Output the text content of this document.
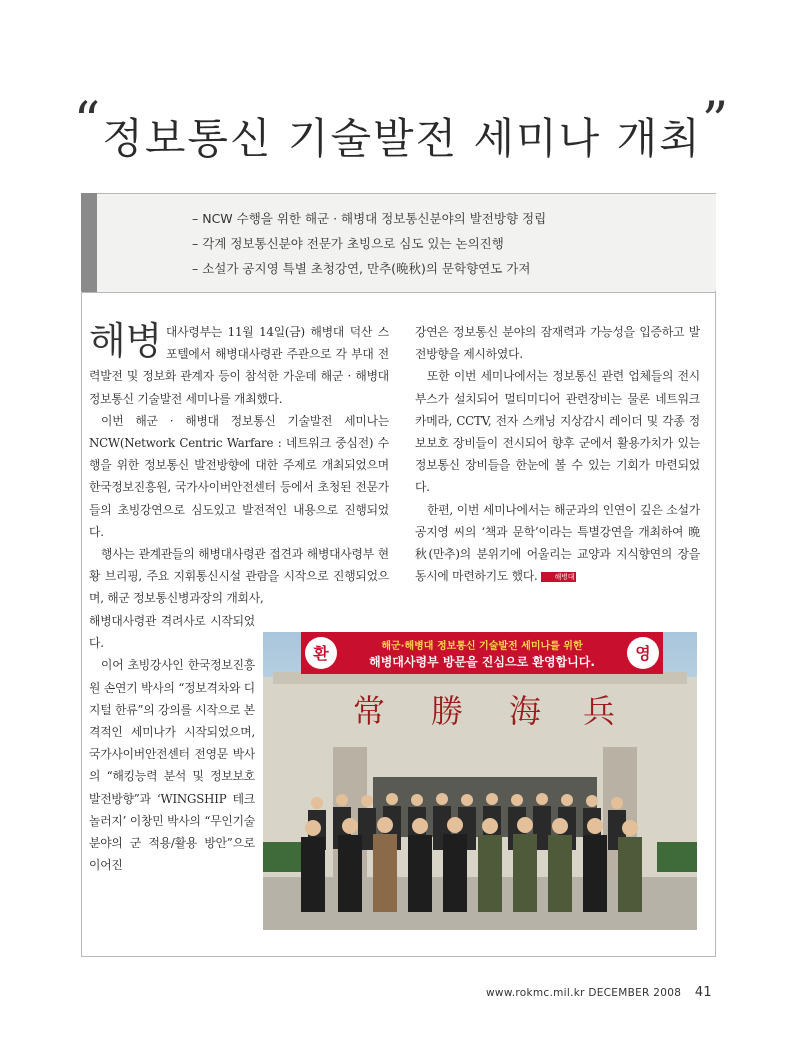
“정보통신 기술발전 세미나 개최”
– NCW 수행을 위한 해군 · 해병대 정보통신분야의 발전방향 정립
– 각계 정보통신분야 전문가 초빙으로 심도 있는 논의진행
– 소설가 공지영 특별 초청강연, 만추(晩秋)의 문학향연도 가져

해병 대사령부는 11월 14일(금) 해병대 덕산 스포텔에서 해병대사령관 주관으로 각 부대 전력발전 및 정보화 관계자 등이 참석한 가운데 해군 · 해병대 정보통신 기술발전 세미나를 개최했다.

이번 해군 · 해병대 정보통신 기술발전 세미나는 NCW(Network Centric Warfare : 네트워크 중심전) 수행을 위한 정보통신 발전방향에 대한 주제로 개최되었으며 한국정보진흥원, 국가사이버안전센터 등에서 초청된 전문가들의 초빙강연으로 심도있고 발전적인 내용으로 진행되었다.

행사는 관계관들의 해병대사령관 접견과 해병대사령부 현황 브리핑, 주요 지휘통신시설 관람을 시작으로 진행되었으며, 해군 정보통신병과장의 개회사,

해병대사령관 격려사로 시작되었다.

이어 초빙강사인 한국정보진흥원 손연기 박사의 “정보격차와 디지털 한류”의 강의를 시작으로 본격적인 세미나가 시작되었으며, 국가사이버안전센터 전영문 박사의 “해킹능력 분석 및 정보보호 발전방향”과 ‘WINGSHIP 테크놀러지’ 이창민 박사의 “무인기술 분야의 군 적용/활용 방안”으로 이어진

강연은 정보통신 분야의 잠재력과 가능성을 입증하고 발전방향을 제시하였다.

또한 이번 세미나에서는 정보통신 관련 업체들의 전시부스가 설치되어 멀티미디어 관련장비는 물론 네트워크 카메라, CCTV, 전자 스캐닝 지상감시 레이더 및 각종 정보보호 장비들이 전시되어 향후 군에서 활용가치가 있는 정보통신 장비들을 한눈에 볼 수 있는 기회가 마련되었다.

한편, 이번 세미나에서는 해군과의 인연이 깊은 소설가 공지영 씨의 ‘책과 문학’이라는 특별강연을 개최하여 晩秋(만추)의 분위기에 어울리는 교양과 지식향연의 장을 동시에 마련하기도 했다. 해병대

환	영
해군·해병대 정보통신 기술발전 세미나를 위한
해병대사령부 방문을 진심으로 환영합니다.
常 勝 海 兵
www.rokmc.mil.kr DECEMBER 2008 41
